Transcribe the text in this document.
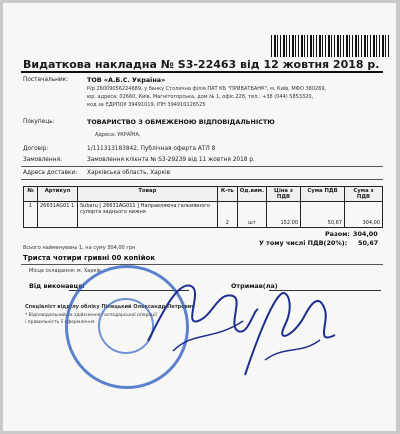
Видаткова накладна № S3-22463 від 12 жовтня 2018 р.
Постачальник:	ТОВ «А.Б.С. Україна»
Р/р 26009056224689, у банку Столична філія ПАТ КБ "ПРИВАТБАНК", м. Київ, МФО 380269,
юр. адреса: 02660, Київ, Магнітогорська, дом № 1, офіс 228, тел.: +38 (044) 5853320,
код за ЄДРПОУ 39491019, ІПН 394910126525
Покупець:	ТОВАРИСТВО З ОБМЕЖЕНОЮ ВІДПОВІДАЛЬНІСТЮ
Адреса: УКРАЇНА,
Договір:	1/111313183842, Публічная оферта АТЛ 8
Замовлення:	Замовлення клієнта № S3-29239 від 11 жовтня 2018 р.
Адреса доставки: Харківська область, Харків
№	Артикул	Товар	К-ть	Од.вим.	Ціна з ПДВ	Сума ПДВ	Сума з ПДВ
1	26631AG01 1	Subaru [ 26631AG011 ] Направляюча гальмівного супорта заднього нижня	2	шт	152,00	50,67	304,00
Разом: 304,00
У тому числі ПДВ(20%): 50,67
Всього найменувань 1, на суму 304,00 грн
Триста чотири гривні 00 копійок
Місце складання: м. Харків
Від виконавця:	Отримав(ла)
Спеціаліст відділу обліку Пілецький Олександр Петрович
* Відповідальний за здійснення господарської операції
і правильність її оформлення
